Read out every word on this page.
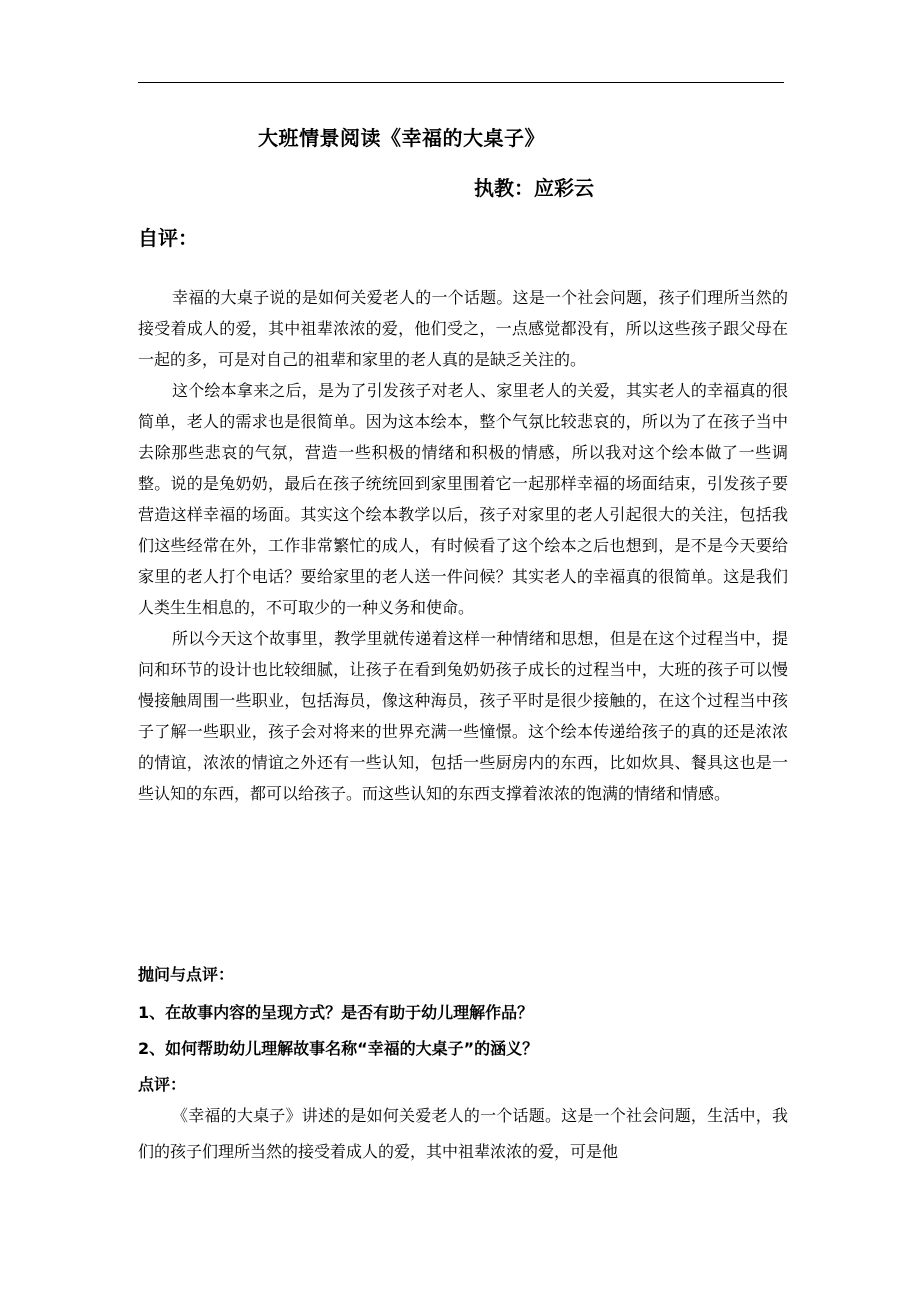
大班情景阅读《幸福的大桌子》
执教：应彩云
自评：

幸福的大桌子说的是如何关爱老人的一个话题。这是一个社会问题，孩子们理所当然的接受着成人的爱，其中祖辈浓浓的爱，他们受之，一点感觉都没有，所以这些孩子跟父母在一起的多，可是对自己的祖辈和家里的老人真的是缺乏关注的。

这个绘本拿来之后，是为了引发孩子对老人、家里老人的关爱，其实老人的幸福真的很简单，老人的需求也是很简单。因为这本绘本，整个气氛比较悲哀的，所以为了在孩子当中去除那些悲哀的气氛，营造一些积极的情绪和积极的情感，所以我对这个绘本做了一些调整。说的是兔奶奶，最后在孩子统统回到家里围着它一起那样幸福的场面结束，引发孩子要营造这样幸福的场面。其实这个绘本教学以后，孩子对家里的老人引起很大的关注，包括我们这些经常在外，工作非常繁忙的成人，有时候看了这个绘本之后也想到，是不是今天要给家里的老人打个电话？要给家里的老人送一件问候？其实老人的幸福真的很简单。这是我们人类生生相息的，不可取少的一种义务和使命。

所以今天这个故事里，教学里就传递着这样一种情绪和思想，但是在这个过程当中，提问和环节的设计也比较细腻，让孩子在看到兔奶奶孩子成长的过程当中，大班的孩子可以慢慢接触周围一些职业，包括海员，像这种海员，孩子平时是很少接触的，在这个过程当中孩子了解一些职业，孩子会对将来的世界充满一些憧憬。这个绘本传递给孩子的真的还是浓浓的情谊，浓浓的情谊之外还有一些认知，包括一些厨房内的东西，比如炊具、餐具这也是一些认知的东西，都可以给孩子。而这些认知的东西支撑着浓浓的饱满的情绪和情感。

抛问与点评：
1、在故事内容的呈现方式？是否有助于幼儿理解作品？
2、如何帮助幼儿理解故事名称“幸福的大桌子”的涵义？
点评：

《幸福的大桌子》讲述的是如何关爱老人的一个话题。这是一个社会问题，生活中，我们的孩子们理所当然的接受着成人的爱，其中祖辈浓浓的爱，可是他
